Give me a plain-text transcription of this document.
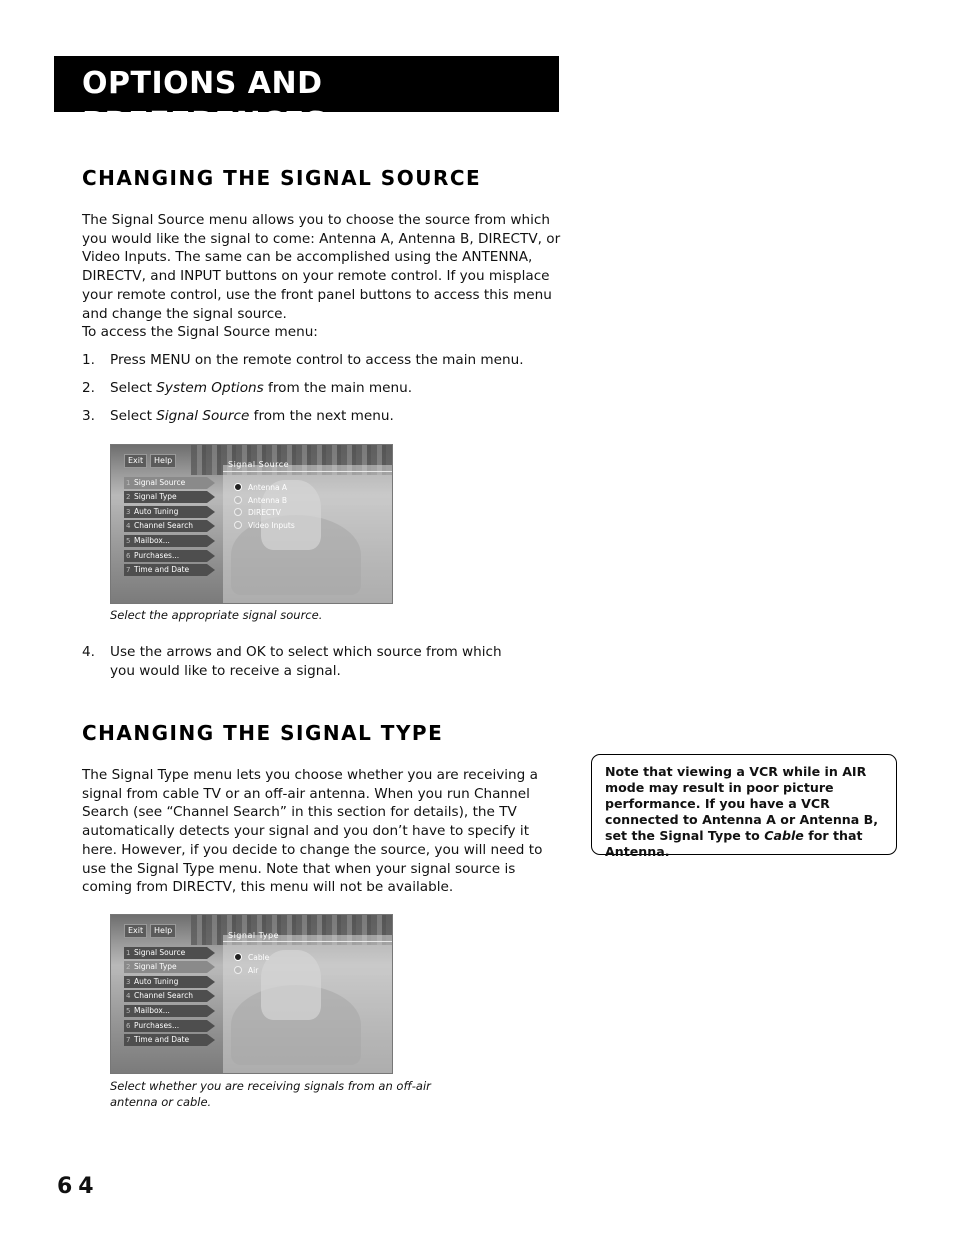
OPTIONS AND PREFERENCES
CHANGING THE SIGNAL SOURCE

The Signal Source menu allows you to choose the source from which you would like the signal to come: Antenna A, Antenna B, DIRECTV, or Video Inputs. The same can be accomplished using the ANTENNA, DIRECTV, and INPUT buttons on your remote control. If you misplace your remote control, use the front panel buttons to access this menu and change the signal source.

To access the Signal Source menu:

1. Press MENU on the remote control to access the main menu.
2. Select System Options from the main menu.
3. Select Signal Source from the next menu.
Exit	Help	Signal Source
1 Signal Source
2 Signal Type
3 Auto Tuning
4 Channel Search
5 Mailbox...
6 Purchases...
7 Time and Date
Antenna A
Antenna B
DIRECTV
Video Inputs
Select the appropriate signal source.
4. Use the arrows and OK to select which source from which you would like to receive a signal.
CHANGING THE SIGNAL TYPE

The Signal Type menu lets you choose whether you are receiving a signal from cable TV or an off-air antenna. When you run Channel Search (see “Channel Search” in this section for details), the TV automatically detects your signal and you don’t have to specify it here. However, if you decide to change the source, you will need to use the Signal Type menu. Note that when your signal source is coming from DIRECTV, this menu will not be available.

Note that viewing a VCR while in AIR mode may result in poor picture performance. If you have a VCR connected to Antenna A or Antenna B, set the Signal Type to Cable for that Antenna.
Exit	Help
Signal Type
1 Signal Source
2 Signal Type
3 Auto Tuning
4 Channel Search
5 Mailbox...
6 Purchases...
7 Time and Date
Cable
Air
Select whether you are receiving signals from an off-air antenna or cable.
64
